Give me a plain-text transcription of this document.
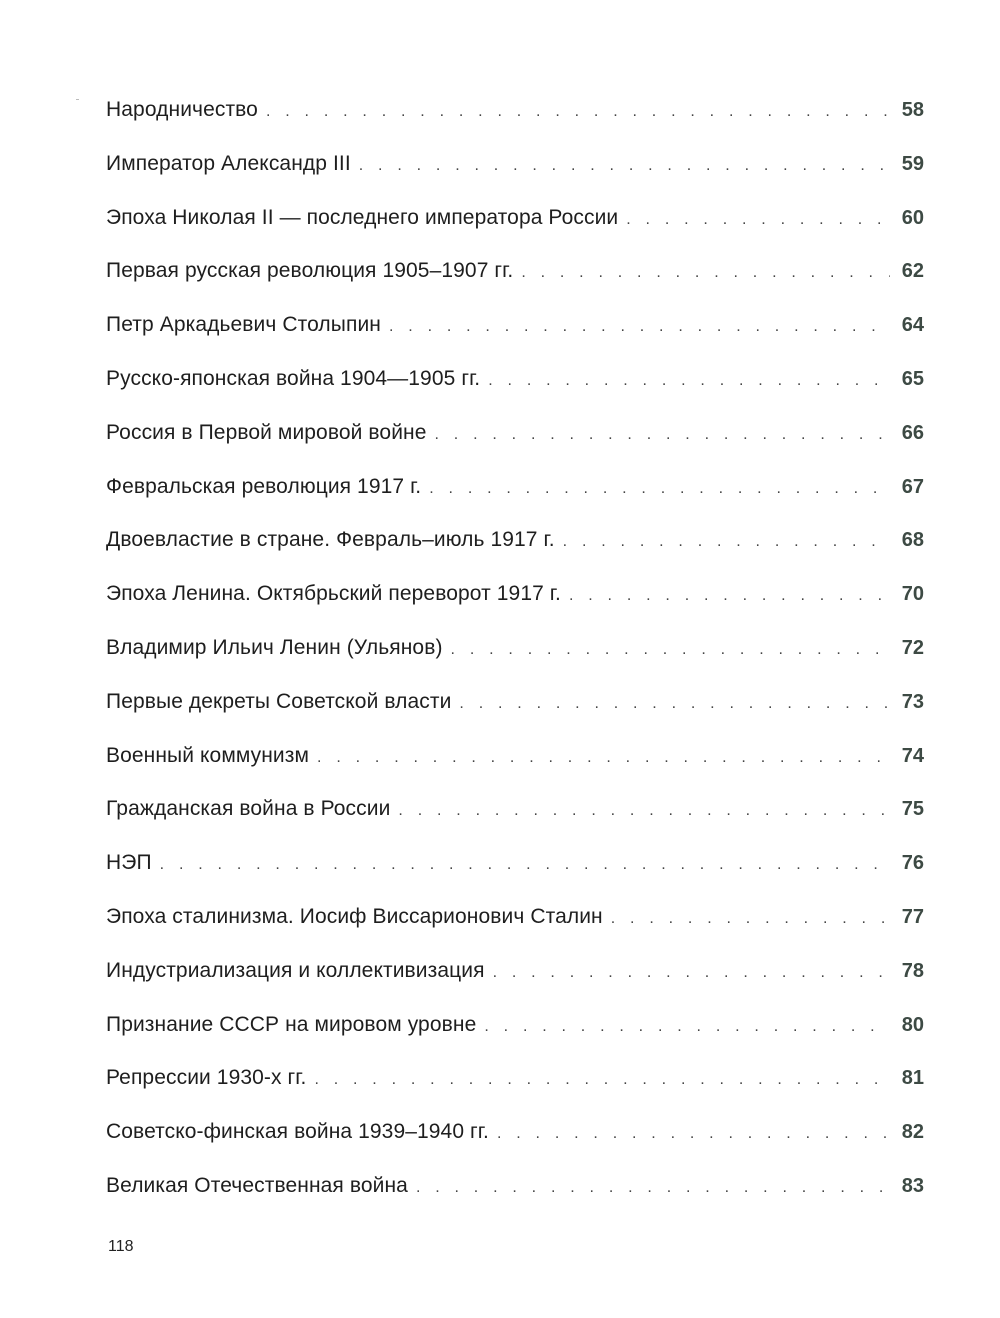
Народничество . . .	58
Император Александр III . . .	59
Эпоха Николая II — последнего императора России . . .	60
Первая русская революция 1905–1907 гг. . . .	62
Петр Аркадьевич Столыпин . . .	64
Русско-японская война 1904—1905 гг. . . .	65
Россия в Первой мировой войне . . .	66
Февральская революция 1917 г. . . .	67
Двоевластие в стране. Февраль–июль 1917 г. . . .	68
Эпоха Ленина. Октябрьский переворот 1917 г. . . .	70
Владимир Ильич Ленин (Ульянов) . . .	72
Первые декреты Советской власти . . .	73
Военный коммунизм . . .	74
Гражданская война в России . . .	75
НЭП . . .	76
Эпоха сталинизма. Иосиф Виссарионович Сталин . . .	77
Индустриализация и коллективизация . . .	78
Признание СССР на мировом уровне . . .	80
Репрессии 1930-х гг. . . .	81
Советско-финская война 1939–1940 гг. . . .	82
Великая Отечественная война . . .	83
118
